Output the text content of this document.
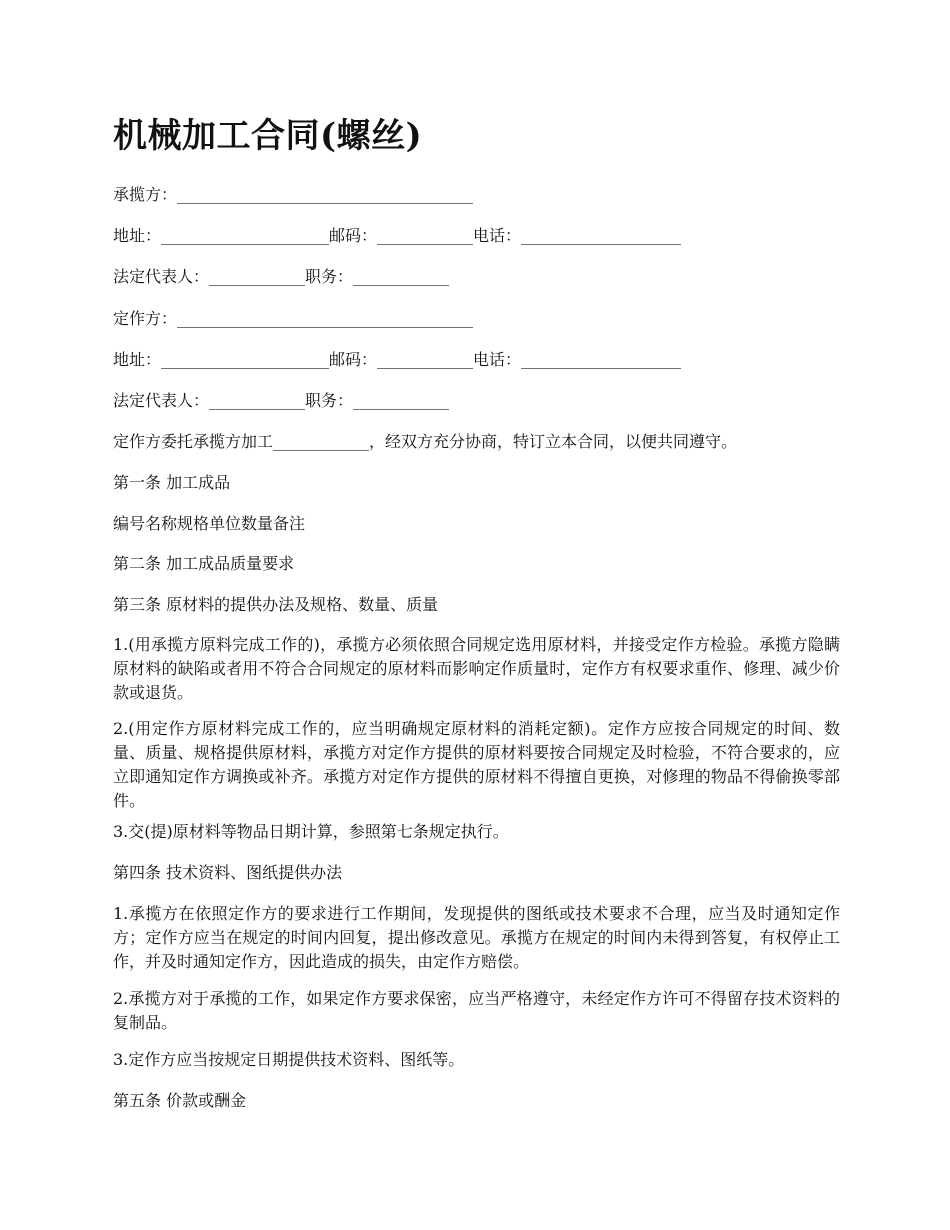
机械加工合同(螺丝)

承揽方：_____________________________________

地址：_____________________邮码：____________电话：____________________

法定代表人：____________职务：____________

定作方：_____________________________________

地址：_____________________邮码：____________电话：____________________

法定代表人：____________职务：____________

定作方委托承揽方加工____________，经双方充分协商，特订立本合同，以便共同遵守。

第一条 加工成品

编号名称规格单位数量备注

第二条 加工成品质量要求

第三条 原材料的提供办法及规格、数量、质量

1.(用承揽方原料完成工作的)，承揽方必须依照合同规定选用原材料，并接受定作方检验。承揽方隐瞒原材料的缺陷或者用不符合合同规定的原材料而影响定作质量时，定作方有权要求重作、修理、减少价款或退货。

2.(用定作方原材料完成工作的，应当明确规定原材料的消耗定额)。定作方应按合同规定的时间、数量、质量、规格提供原材料，承揽方对定作方提供的原材料要按合同规定及时检验，不符合要求的，应立即通知定作方调换或补齐。承揽方对定作方提供的原材料不得擅自更换，对修理的物品不得偷换零部件。

3.交(提)原材料等物品日期计算，参照第七条规定执行。

第四条 技术资料、图纸提供办法

1.承揽方在依照定作方的要求进行工作期间，发现提供的图纸或技术要求不合理，应当及时通知定作方；定作方应当在规定的时间内回复，提出修改意见。承揽方在规定的时间内未得到答复，有权停止工作，并及时通知定作方，因此造成的损失，由定作方赔偿。

2.承揽方对于承揽的工作，如果定作方要求保密，应当严格遵守，未经定作方许可不得留存技术资料的复制品。

3.定作方应当按规定日期提供技术资料、图纸等。

第五条 价款或酬金
